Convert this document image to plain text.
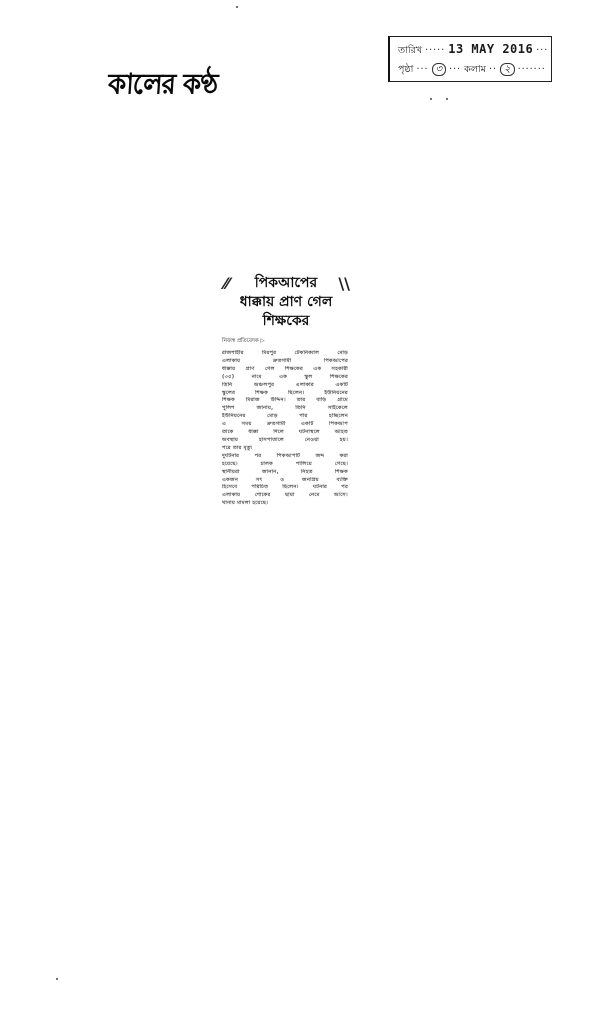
কালের কণ্ঠ
তারিখ ····· 13 MAY 2016 ···
পৃষ্ঠা ··· ৩ ··· কলাম ·· ২ ·······
⁄⁄	\\
পিকআপের
ধাক্কায় প্রাণ গেল
শিক্ষকের
নিজস্ব প্রতিবেদক ▷
রাজশাহীর মিরপুর টেকনিক্যাল মোড়
এলাকায় দ্রুতগামী পিকআপের
ধাক্কায় প্রাণ গেল শিক্ষকের এক সহকারী
(৩৫) নামে এক স্কুল শিক্ষকের
তিনি অঞ্চলপুর এলাকার একটি
স্কুলের শিক্ষক ছিলেন। ইউনিয়নের
শিক্ষক মিরাজ উদ্দিন। তার বাড়ি গ্রামে
পুলিশ জানায়, তিনি সাইকেলে
ইউনিয়নের মোড় পার হচ্ছিলেন
এ সময় দ্রুতগামী একটি পিকআপ
তাকে ধাক্কা দিলে ঘটনাস্থলে আহত
অবস্থায় হাসপাতালে নেওয়া হয়।
পরে তার মৃত্যু
দুর্ঘটনার পর পিকআপটি জব্দ করা
হয়েছে। চালক পালিয়ে গেছে।
স্থানীয়রা জানান, নিহত শিক্ষক
একজন সৎ ও জনপ্রিয় ব্যক্তি
হিসেবে পরিচিত ছিলেন। ঘটনার পর
এলাকায় শোকের ছায়া নেমে আসে।
থানায় মামলা হয়েছে।
